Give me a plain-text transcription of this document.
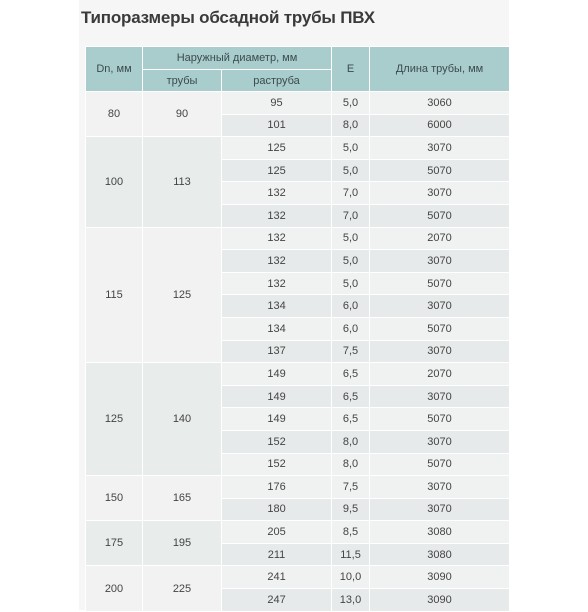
Типоразмеры обсадной трубы ПВХ
Dn, мм	Наружный диаметр, мм		E	Длина трубы, мм
	трубы	раструба		
80	90	95	5,0	3060
		101	8,0	6000
100	113	125	5,0	3070
		125	5,0	5070
		132	7,0	3070
		132	7,0	5070
115	125	132	5,0	2070
		132	5,0	3070
		132	5,0	5070
		134	6,0	3070
		134	6,0	5070
		137	7,5	3070
125	140	149	6,5	2070
		149	6,5	3070
		149	6,5	5070
		152	8,0	3070
		152	8,0	5070
150	165	176	7,5	3070
		180	9,5	3070
175	195	205	8,5	3080
		211	11,5	3080
200	225	241	10,0	3090
		247	13,0	3090
